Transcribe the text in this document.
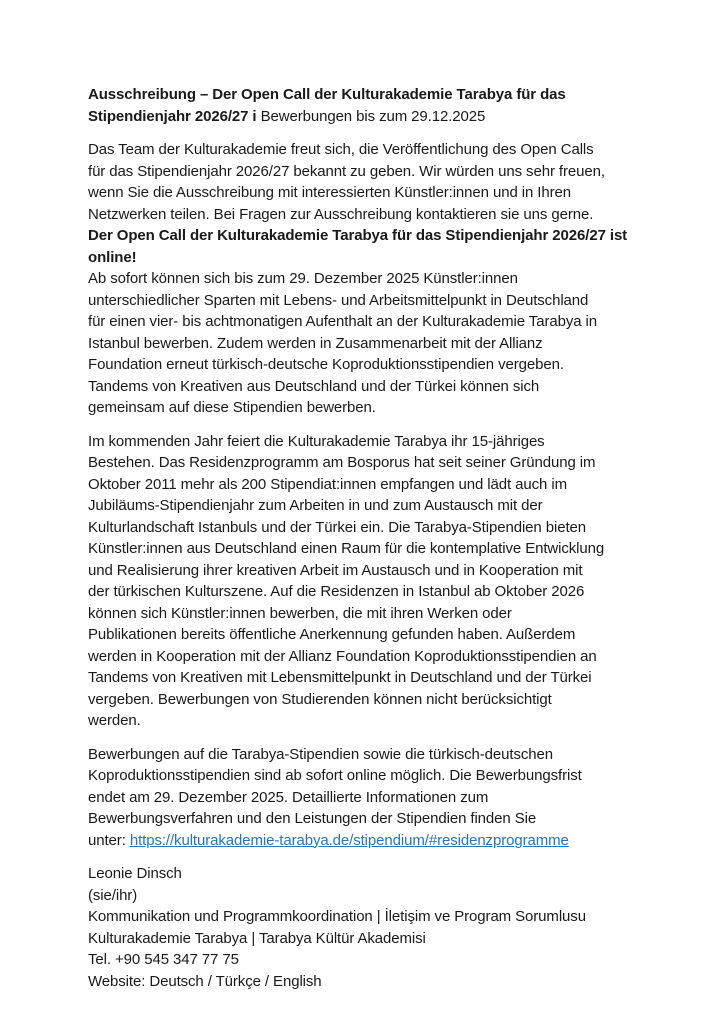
Ausschreibung – Der Open Call der Kulturakademie Tarabya für das
Stipendienjahr 2026/27 i Bewerbungen bis zum 29.12.2025
Das Team der Kulturakademie freut sich, die Veröffentlichung des Open Calls
für das Stipendienjahr 2026/27 bekannt zu geben. Wir würden uns sehr freuen,
wenn Sie die Ausschreibung mit interessierten Künstler:innen und in Ihren
Netzwerken teilen. Bei Fragen zur Ausschreibung kontaktieren sie uns gerne.
Der Open Call der Kulturakademie Tarabya für das Stipendienjahr 2026/27 ist
online!
Ab sofort können sich bis zum 29. Dezember 2025 Künstler:innen
unterschiedlicher Sparten mit Lebens- und Arbeitsmittelpunkt in Deutschland
für einen vier- bis achtmonatigen Aufenthalt an der Kulturakademie Tarabya in
Istanbul bewerben. Zudem werden in Zusammenarbeit mit der Allianz
Foundation erneut türkisch-deutsche Koproduktionsstipendien vergeben.
Tandems von Kreativen aus Deutschland und der Türkei können sich
gemeinsam auf diese Stipendien bewerben.
Im kommenden Jahr feiert die Kulturakademie Tarabya ihr 15-jähriges
Bestehen. Das Residenzprogramm am Bosporus hat seit seiner Gründung im
Oktober 2011 mehr als 200 Stipendiat:innen empfangen und lädt auch im
Jubiläums-Stipendienjahr zum Arbeiten in und zum Austausch mit der
Kulturlandschaft Istanbuls und der Türkei ein. Die Tarabya-Stipendien bieten
Künstler:innen aus Deutschland einen Raum für die kontemplative Entwicklung
und Realisierung ihrer kreativen Arbeit im Austausch und in Kooperation mit
der türkischen Kulturszene. Auf die Residenzen in Istanbul ab Oktober 2026
können sich Künstler:innen bewerben, die mit ihren Werken oder
Publikationen bereits öffentliche Anerkennung gefunden haben. Außerdem
werden in Kooperation mit der Allianz Foundation Koproduktionsstipendien an
Tandems von Kreativen mit Lebensmittelpunkt in Deutschland und der Türkei
vergeben. Bewerbungen von Studierenden können nicht berücksichtigt
werden.
Bewerbungen auf die Tarabya-Stipendien sowie die türkisch-deutschen
Koproduktionsstipendien sind ab sofort online möglich. Die Bewerbungsfrist
endet am 29. Dezember 2025. Detaillierte Informationen zum
Bewerbungsverfahren und den Leistungen der Stipendien finden Sie
unter: https://kulturakademie-tarabya.de/stipendium/#residenzprogramme
Leonie Dinsch
(sie/ihr)
Kommunikation und Programmkoordination | İletişim ve Program Sorumlusu
Kulturakademie Tarabya | Tarabya Kültür Akademisi
Tel. +90 545 347 77 75
Website: Deutsch / Türkçe / English
